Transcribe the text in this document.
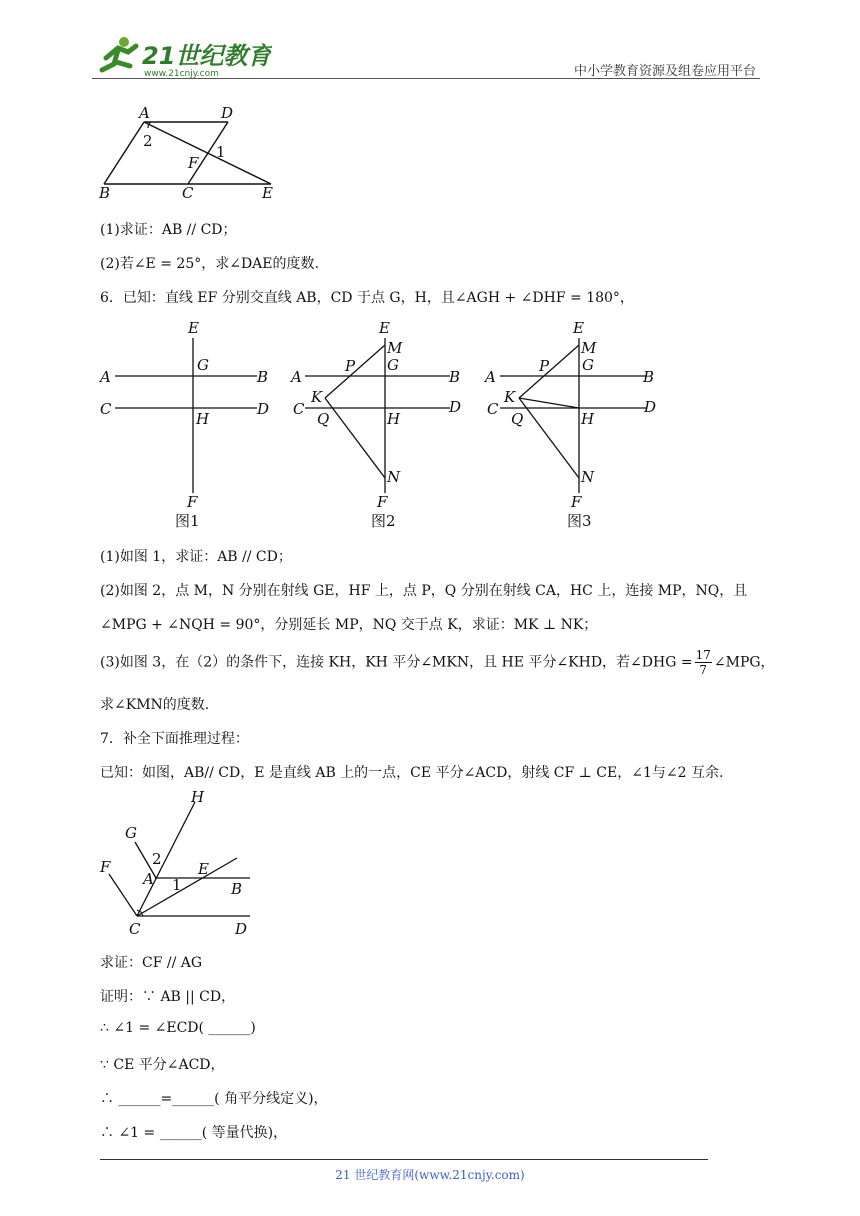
21世纪教育
www.21cnjy.com	中小学教育资源及组卷应用平台
A	D
2
F
1
B	C	E
(1)求证：AB // CD；
(2)若∠E = 25°，求∠DAE的度数.
6．已知：直线 EF 分别交直线 AB，CD 于点 G，H，且∠AGH + ∠DHF = 180°，
E
A
G
B
C
H
D
F
图1
E
M
P G
A	B
K
C
Q	H
D
N
F
图2
E
M
P G
A	B
K
C
Q	H
D
N
F
图3
(1)如图 1，求证：AB // CD；
(2)如图 2，点 M，N 分别在射线 GE，HF 上，点 P，Q 分别在射线 CA，HC 上，连接 MP，NQ，且
∠MPG + ∠NQH = 90°，分别延长 MP，NQ 交于点 K，求证：MK ⊥ NK；
(3)如图 3，在（2）的条件下，连接 KH，KH 平分∠MKN，且 HE 平分∠KHD，若∠DHG = $\frac{17}{7}$ ∠MPG，
求∠KMN的度数.
7．补全下面推理过程：
已知：如图，AB// CD，E 是直线 AB 上的一点，CE 平分∠ACD，射线 CF ⊥ CE，∠1与∠2 互余.
H
G
2
F	E
A 1	B
C	D
求证：CF // AG
证明：∵ AB || CD，
∴ ∠1 = ∠ECD( ______)
∵ CE 平分∠ACD，
∴ ______=______( 角平分线定义)，
∴ ∠1 = ______( 等量代换)，
21 世纪教育网(www.21cnjy.com)
